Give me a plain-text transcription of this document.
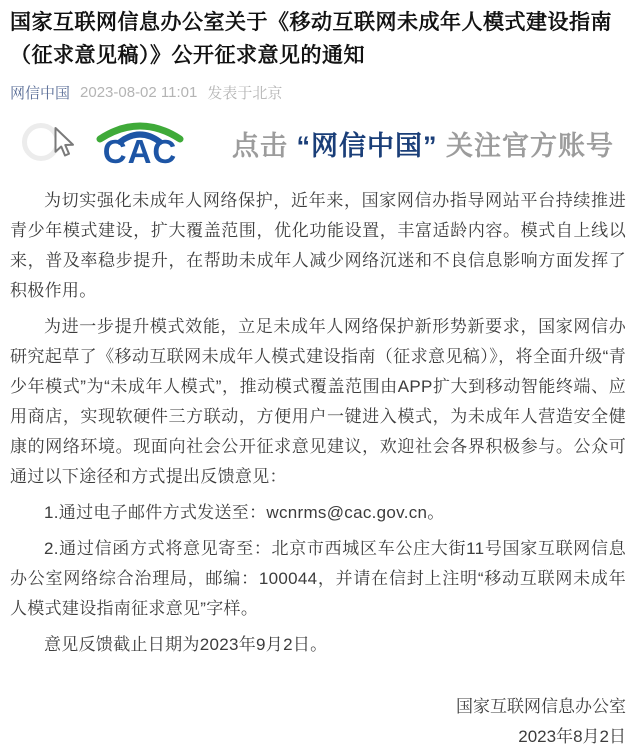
国家互联网信息办公室关于《移动互联网未成年人模式建设指南（征求意见稿）》公开征求意见的通知
网信中国 2023-08-02 11:01 发表于北京
CAC	点击 “网信中国” 关注官方账号

为切实强化未成年人网络保护，近年来，国家网信办指导网站平台持续推进青少年模式建设，扩大覆盖范围，优化功能设置，丰富适龄内容。模式自上线以来，普及率稳步提升，在帮助未成年人减少网络沉迷和不良信息影响方面发挥了积极作用。

为进一步提升模式效能，立足未成年人网络保护新形势新要求，国家网信办研究起草了《移动互联网未成年人模式建设指南（征求意见稿）》，将全面升级“青少年模式”为“未成年人模式”，推动模式覆盖范围由APP扩大到移动智能终端、应用商店，实现软硬件三方联动，方便用户一键进入模式，为未成年人营造安全健康的网络环境。现面向社会公开征求意见建议，欢迎社会各界积极参与。公众可通过以下途径和方式提出反馈意见：

1.通过电子邮件方式发送至：wcnrms@cac.gov.cn。

2.通过信函方式将意见寄至：北京市西城区车公庄大街11号国家互联网信息办公室网络综合治理局，邮编：100044，并请在信封上注明“移动互联网未成年人模式建设指南征求意见”字样。

意见反馈截止日期为2023年9月2日。

国家互联网信息办公室
2023年8月2日
